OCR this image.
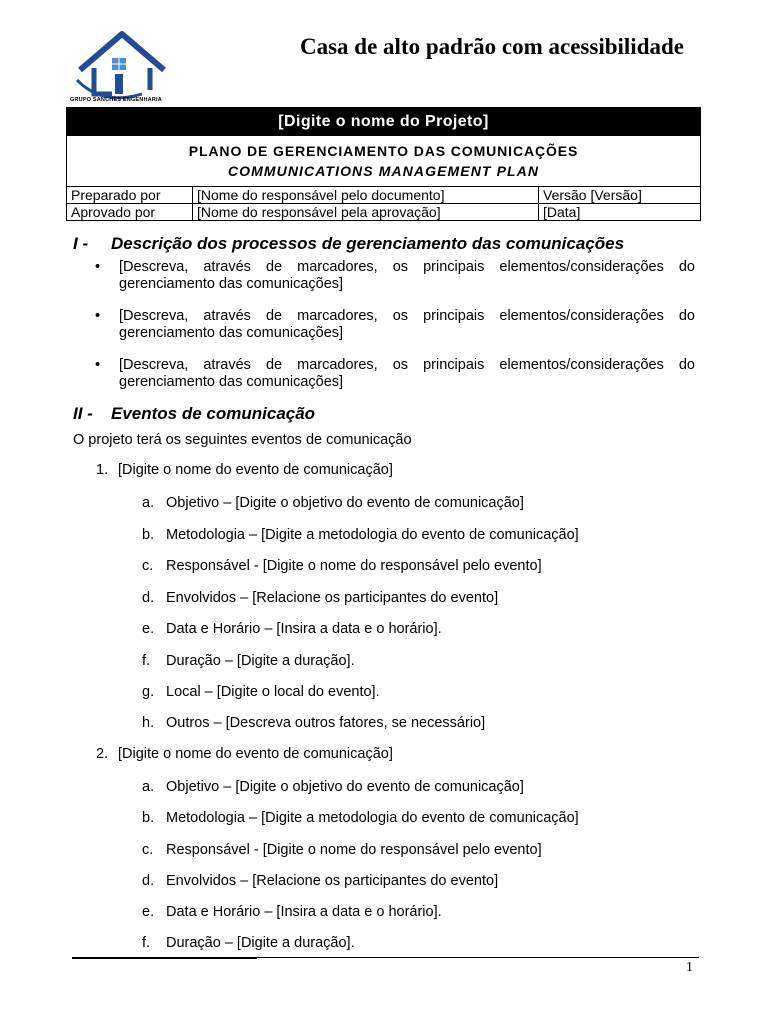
GRUPO SANCHES ENGENHARIA
Casa de alto padrão com acessibilidade
[Digite o nome do Projeto]		

PLANO DE GERENCIAMENTO DAS COMUNICAÇÕES
COMMUNICATIONS MANAGEMENT PLAN		

Preparado por	[Nome do responsável pelo documento]	Versão [Versão]
Aprovado por	[Nome do responsável pela aprovação]	[Data]
I - Descrição dos processos de gerenciamento das comunicações
• [Descreva, através de marcadores, os principais elementos/considerações do gerenciamento das comunicações]
• [Descreva, através de marcadores, os principais elementos/considerações do gerenciamento das comunicações]
• [Descreva, através de marcadores, os principais elementos/considerações do gerenciamento das comunicações]
II - Eventos de comunicação
O projeto terá os seguintes eventos de comunicação
1. [Digite o nome do evento de comunicação]
a. Objetivo – [Digite o objetivo do evento de comunicação]
b. Metodologia – [Digite a metodologia do evento de comunicação]
c. Responsável - [Digite o nome do responsável pelo evento]
d. Envolvidos – [Relacione os participantes do evento]
e. Data e Horário – [Insira a data e o horário].
f. Duração – [Digite a duração].
g. Local – [Digite o local do evento].
h. Outros – [Descreva outros fatores, se necessário]
2. [Digite o nome do evento de comunicação]
a. Objetivo – [Digite o objetivo do evento de comunicação]
b. Metodologia – [Digite a metodologia do evento de comunicação]
c. Responsável - [Digite o nome do responsável pelo evento]
d. Envolvidos – [Relacione os participantes do evento]
e. Data e Horário – [Insira a data e o horário].
f. Duração – [Digite a duração].
1
